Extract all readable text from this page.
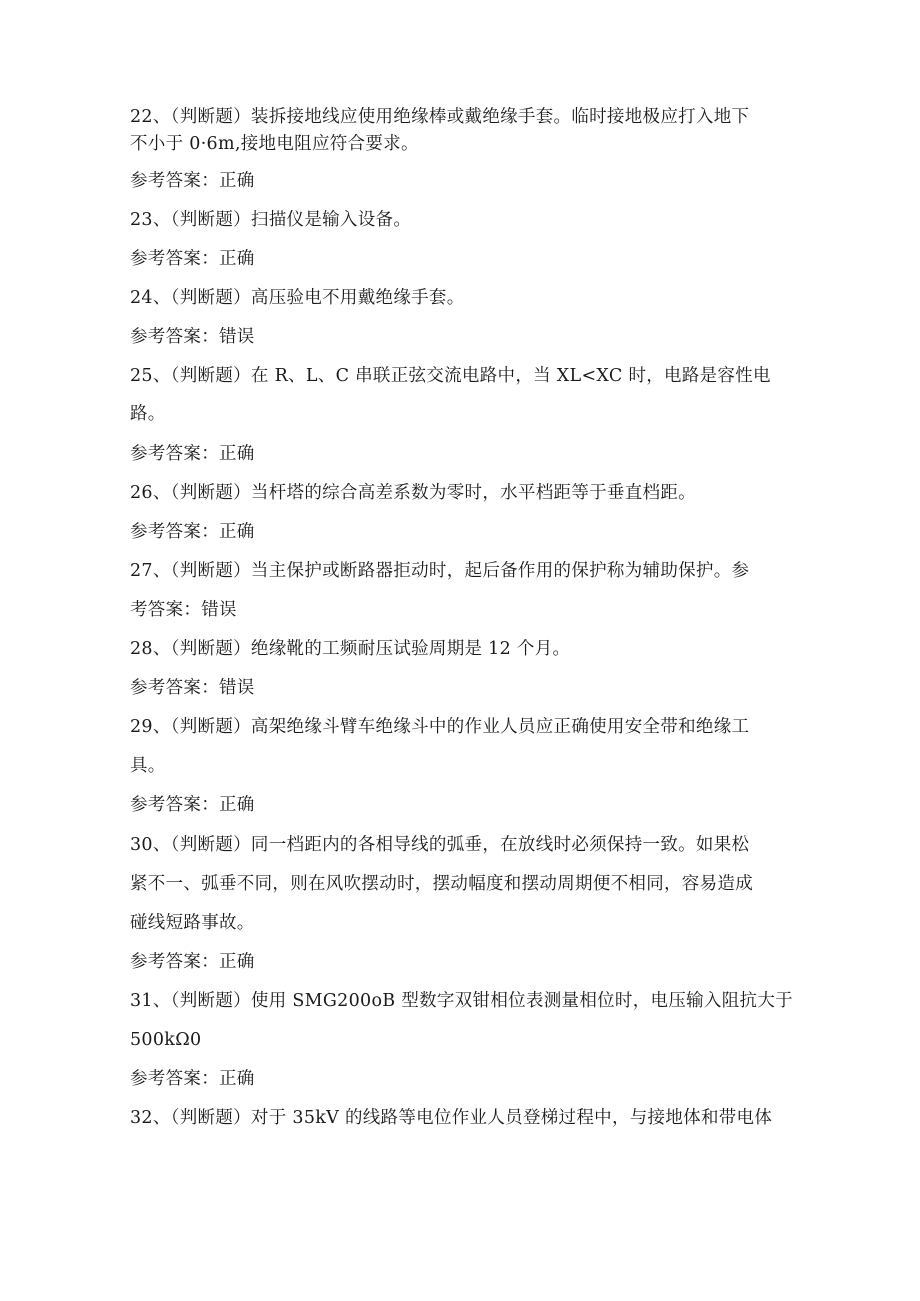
22、（判断题）装拆接地线应使用绝缘棒或戴绝缘手套。临时接地极应打入地下
不小于 0·6m,接地电阻应符合要求。
参考答案：正确
23、（判断题）扫描仪是输入设备。
参考答案：正确
24、（判断题）高压验电不用戴绝缘手套。
参考答案：错误
25、（判断题）在 R、L、C 串联正弦交流电路中，当 XL<XC 时，电路是容性电
路。
参考答案：正确
26、（判断题）当杆塔的综合高差系数为零时，水平档距等于垂直档距。
参考答案：正确
27、（判断题）当主保护或断路器拒动时，起后备作用的保护称为辅助保护。参
考答案：错误
28、（判断题）绝缘靴的工频耐压试验周期是 12 个月。
参考答案：错误
29、（判断题）高架绝缘斗臂车绝缘斗中的作业人员应正确使用安全带和绝缘工
具。
参考答案：正确
30、（判断题）同一档距内的各相导线的弧垂，在放线时必须保持一致。如果松
紧不一、弧垂不同，则在风吹摆动时，摆动幅度和摆动周期便不相同，容易造成
碰线短路事故。
参考答案：正确
31、（判断题）使用 SMG200oB 型数字双钳相位表测量相位时，电压输入阻抗大于
500kΩ0
参考答案：正确
32、（判断题）对于 35kV 的线路等电位作业人员登梯过程中，与接地体和带电体
